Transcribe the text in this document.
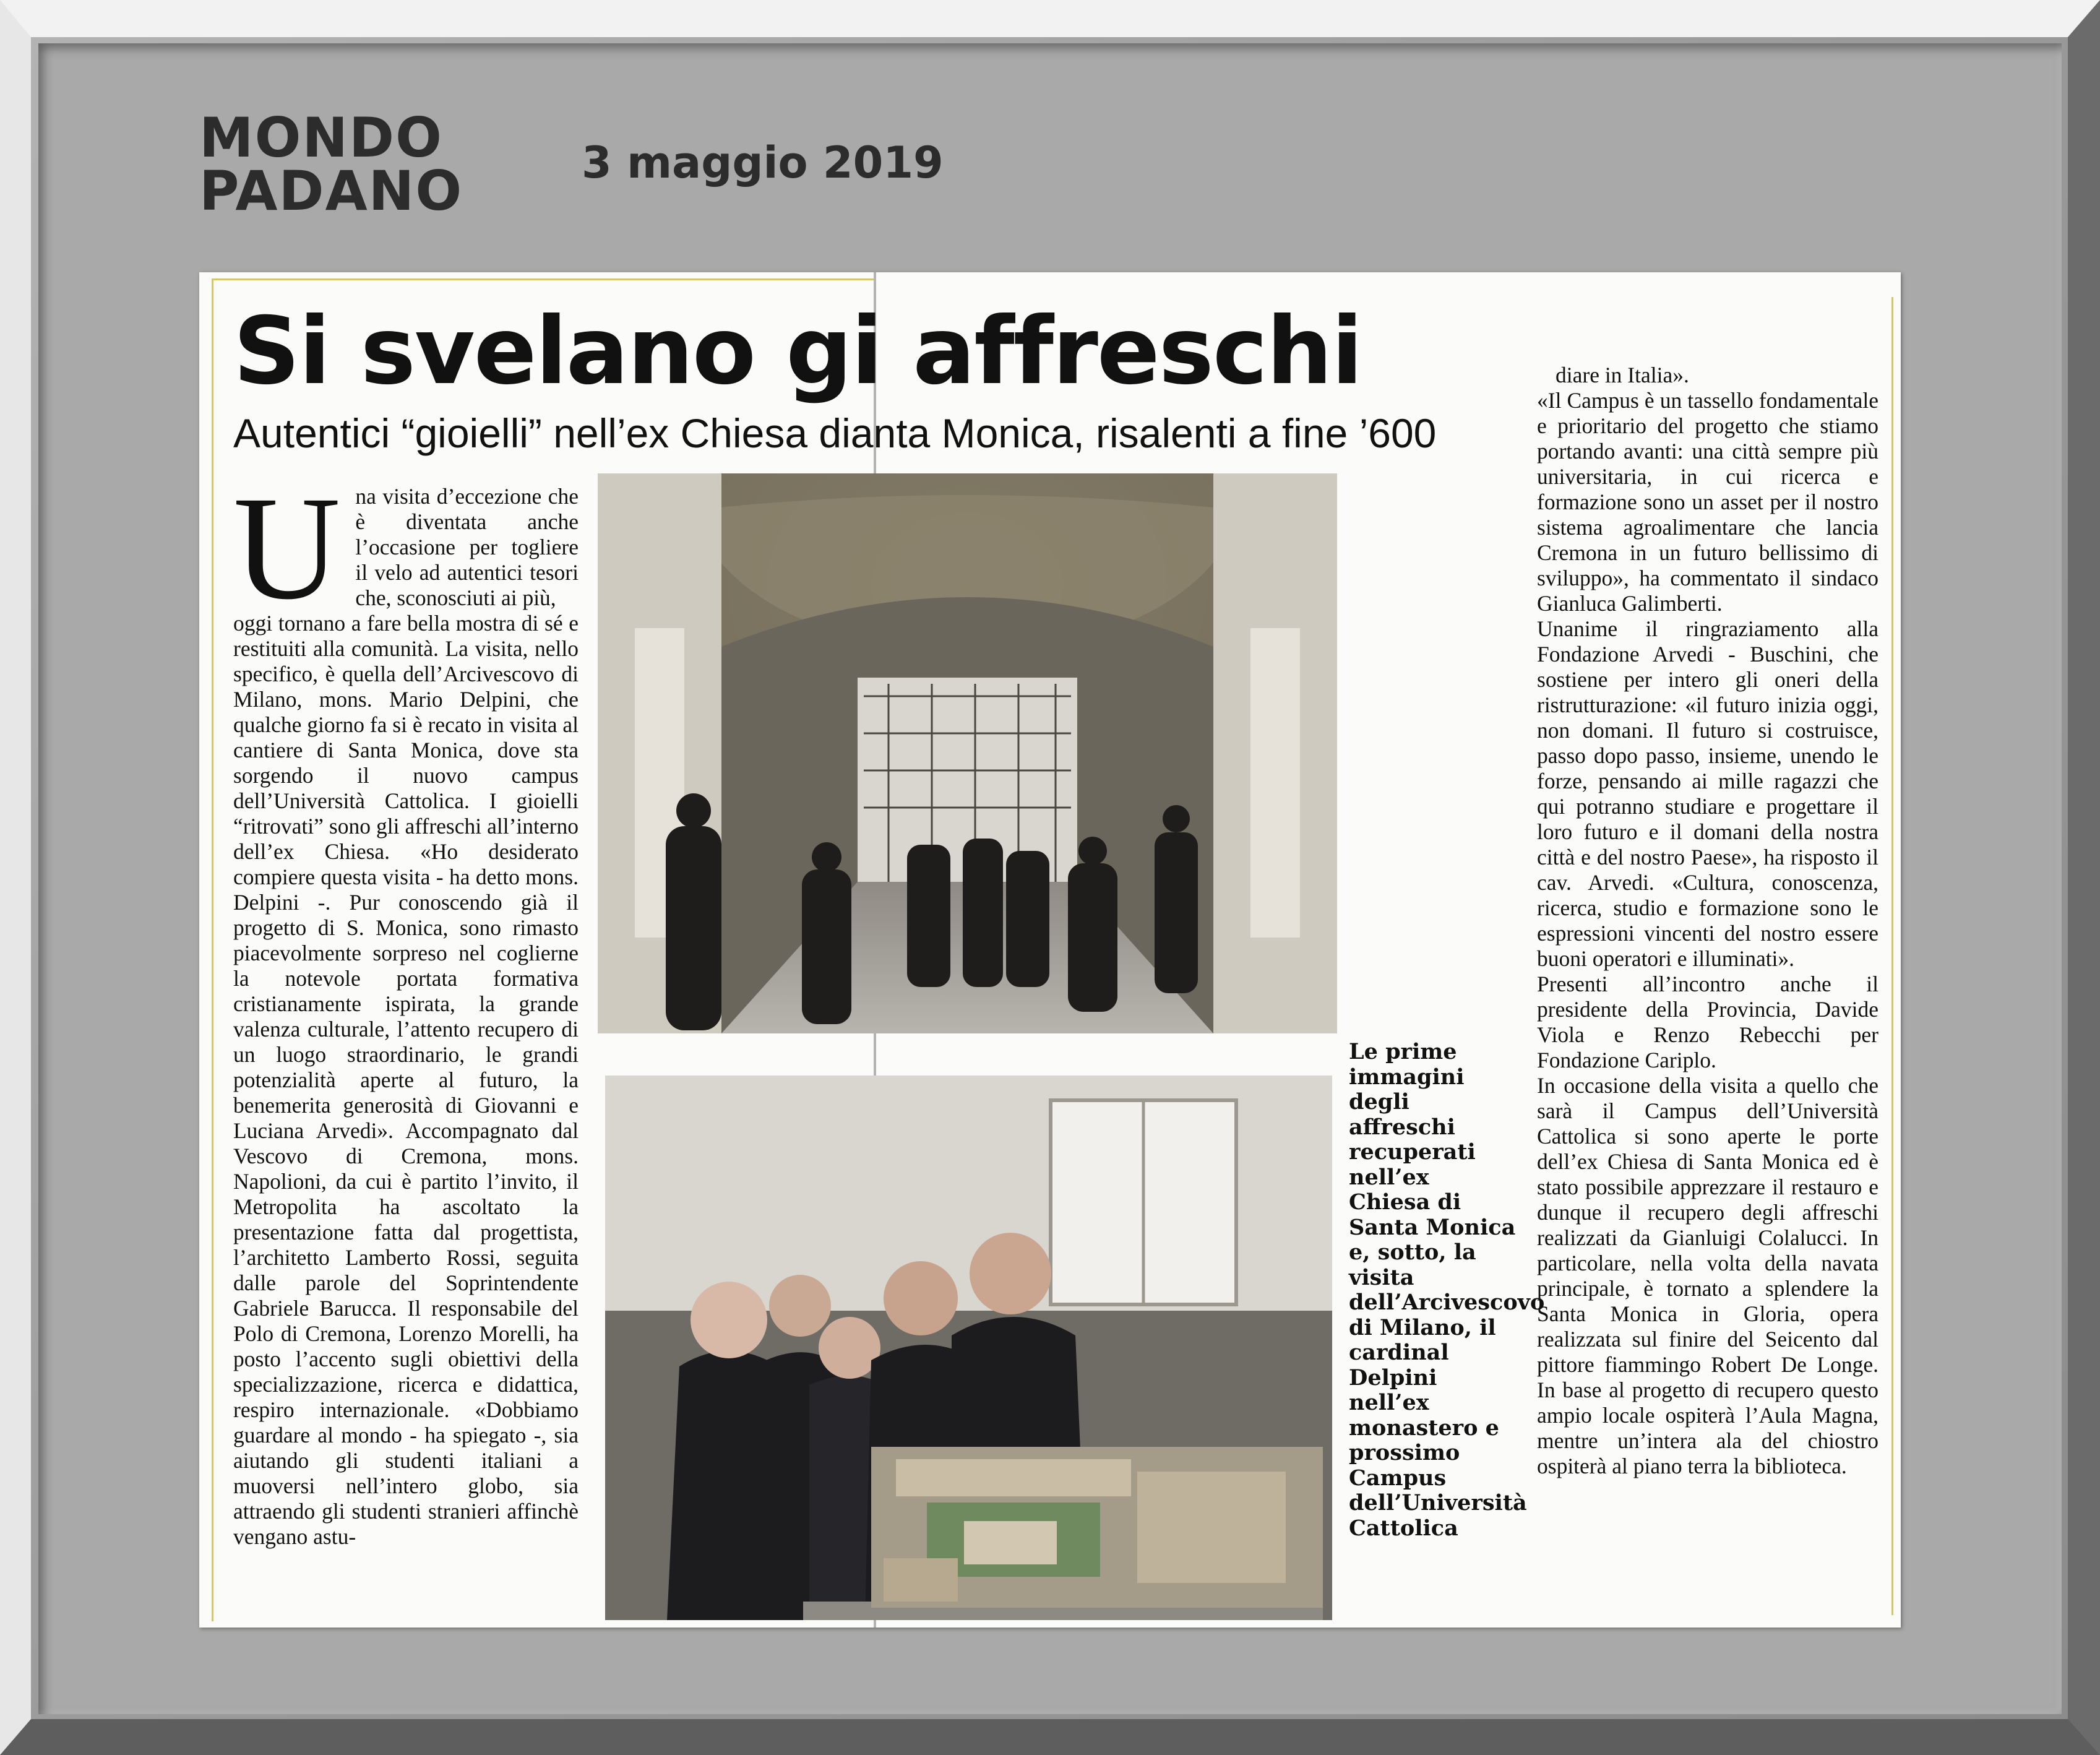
MONDO
PADANO	3 maggio 2019
Si svelano gi affreschi
Autentici “gioielli” nell’ex Chiesa dianta Monica, risalenti a fine ’600
U na visita d’eccezione che è diventata anche l’occasione per togliere il velo ad autentici tesori che, sconosciuti ai più,

oggi tornano a fare bella mostra di sé e restituiti alla comunità. La visita, nello specifico, è quella dell’Arcivescovo di Milano, mons. Mario Delpini, che qualche giorno fa si è recato in visita al cantiere di Santa Monica, dove sta sorgendo il nuovo campus dell’Università Cattolica. I gioielli “ritrovati” sono gli affreschi all’interno dell’ex Chiesa. «Ho desiderato compiere questa visita - ha detto mons. Delpini -. Pur conoscendo già il progetto di S. Monica, sono rimasto piacevolmente sorpreso nel coglierne la notevole portata formativa cristianamente ispirata, la grande valenza culturale, l’attento recupero di un luogo straordinario, le grandi potenzialità aperte al futuro, la benemerita generosità di Giovanni e Luciana Arvedi». Accompagnato dal Vescovo di Cremona, mons. Napolioni, da cui è partito l’invito, il Metropolita ha ascoltato la presentazione fatta dal progettista, l’architetto Lamberto Rossi, seguita dalle parole del Soprintendente Gabriele Barucca. Il responsabile del Polo di Cremona, Lorenzo Morelli, ha posto l’accento sugli obiettivi della specializzazione, ricerca e didattica, respiro internazionale. «Dobbiamo guardare al mondo - ha spiegato -, sia aiutando gli studenti italiani a muoversi nell’intero globo, sia attraendo gli studenti stranieri affinchè vengano astu-

Le prime immagini degli affreschi recuperati nell’ex Chiesa di Santa Monica e, sotto, la visita dell’Arcivescovo di Milano, il cardinal Delpini nell’ex monastero e prossimo Campus dell’Università Cattolica

diare in Italia».

«Il Campus è un tassello fondamentale e prioritario del progetto che stiamo portando avanti: una città sempre più universitaria, in cui ricerca e formazione sono un asset per il nostro sistema agroalimentare che lancia Cremona in un futuro bellissimo di sviluppo», ha commentato il sindaco Gianluca Galimberti.

Unanime il ringraziamento alla Fondazione Arvedi - Buschini, che sostiene per intero gli oneri della ristrutturazione: «il futuro inizia oggi, non domani. Il futuro si costruisce, passo dopo passo, insieme, unendo le forze, pensando ai mille ragazzi che qui potranno studiare e progettare il loro futuro e il domani della nostra città e del nostro Paese», ha risposto il cav. Arvedi. «Cultura, conoscenza, ricerca, studio e formazione sono le espressioni vincenti del nostro essere buoni operatori e illuminati».

Presenti all’incontro anche il presidente della Provincia, Davide Viola e Renzo Rebecchi per Fondazione Cariplo.

In occasione della visita a quello che sarà il Campus dell’Università Cattolica si sono aperte le porte dell’ex Chiesa di Santa Monica ed è stato possibile apprezzare il restauro e dunque il recupero degli affreschi realizzati da Gianluigi Colalucci. In particolare, nella volta della navata principale, è tornato a splendere la Santa Monica in Gloria, opera realizzata sul finire del Seicento dal pittore fiammingo Robert De Longe. In base al progetto di recupero questo ampio locale ospiterà l’Aula Magna, mentre un’intera ala del chiostro ospiterà al piano terra la biblioteca.
